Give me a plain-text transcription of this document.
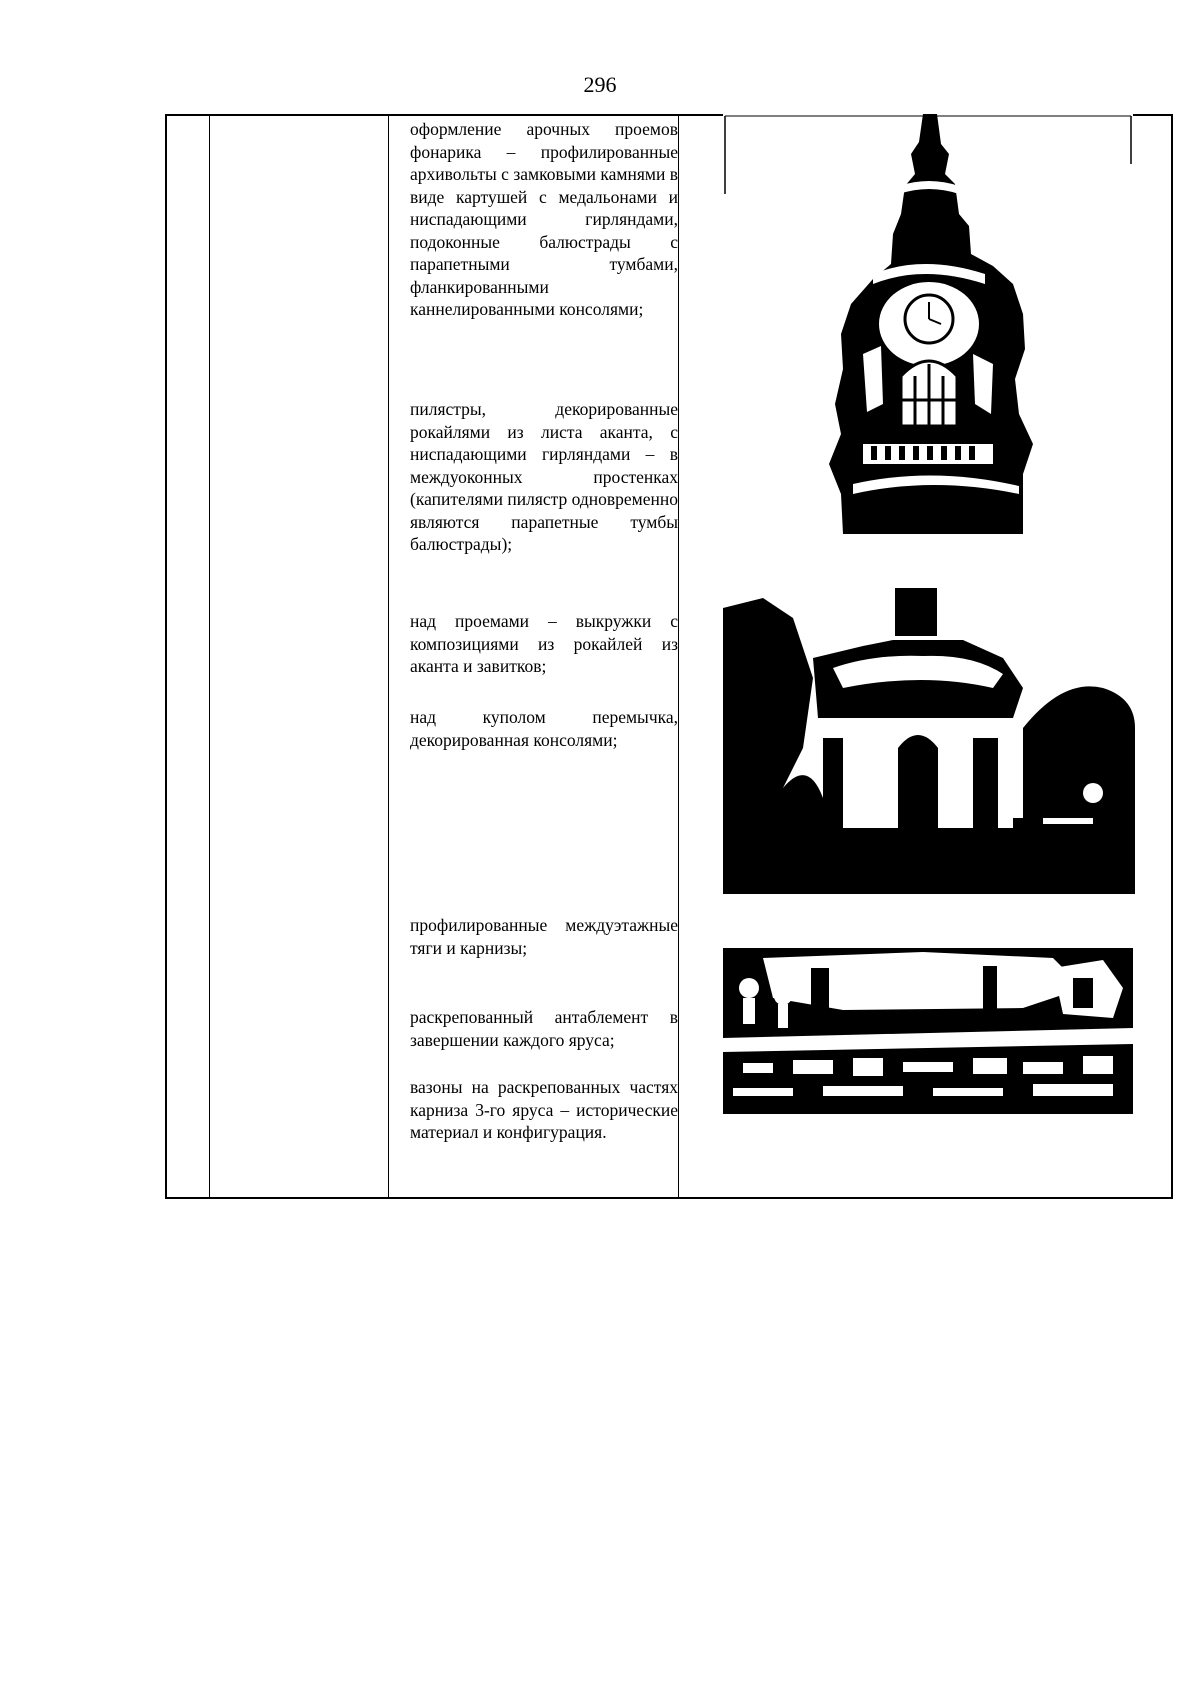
296

оформление арочных проемов фонарика – профилированные архивольты с замковыми камнями в виде картушей с медальонами и ниспадающими гирляндами, подоконные балюстрады с парапетными тумбами, фланкированными каннелированными консолями;

пилястры, декорированные рокайлями из листа аканта, с ниспадающими гирляндами – в междуоконных простенках (капителями пилястр одновременно являются парапетные тумбы балюстрады);

над проемами – выкружки с композициями из рокайлей из аканта и завитков;

над куполом перемычка, декорированная консолями;

профилированные междуэтажные тяги и карнизы;

раскрепованный антаблемент в завершении каждого яруса;

вазоны на раскрепованных частях карниза 3-го яруса – исторические материал и конфигурация.
